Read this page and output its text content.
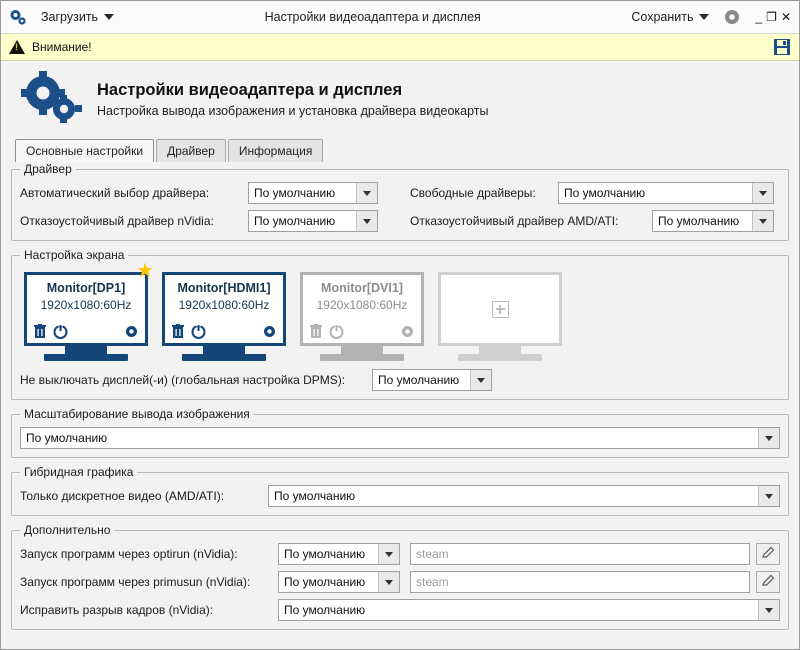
Загрузить	Настройки видеоадаптера и дисплея	Сохранить	_ ❐ ✕
!
Внимание!
Настройки видеоадаптера и дисплея
Настройка вывода изображения и установка драйвера видеокарты
Основные настройки	Драйвер	Информация
Драйвер
Автоматический выбор драйвера:	По умолчанию	Свободные драйверы:	По умолчанию
Отказоустойчивый драйвер nVidia:	По умолчанию	Отказоустойчивый драйвер AMD/ATI:	По умолчанию
Настройка экрана
★
Monitor[DP1]
1920x1080:60Hz
Monitor[HDMI1]
1920x1080:60Hz
Monitor[DVI1]
1920x1080:60Hz
Не выключать дисплей(-и) (глобальная настройка DPMS):	По умолчанию
Масштабирование вывода изображения
По умолчанию
Гибридная графика
Только дискретное видео (AMD/ATI):	По умолчанию
Дополнительно
Запуск программ через optirun (nVidia):	По умолчанию	steam
Запуск программ через primusun (nVidia):	По умолчанию	steam
Исправить разрыв кадров (nVidia):	По умолчанию
